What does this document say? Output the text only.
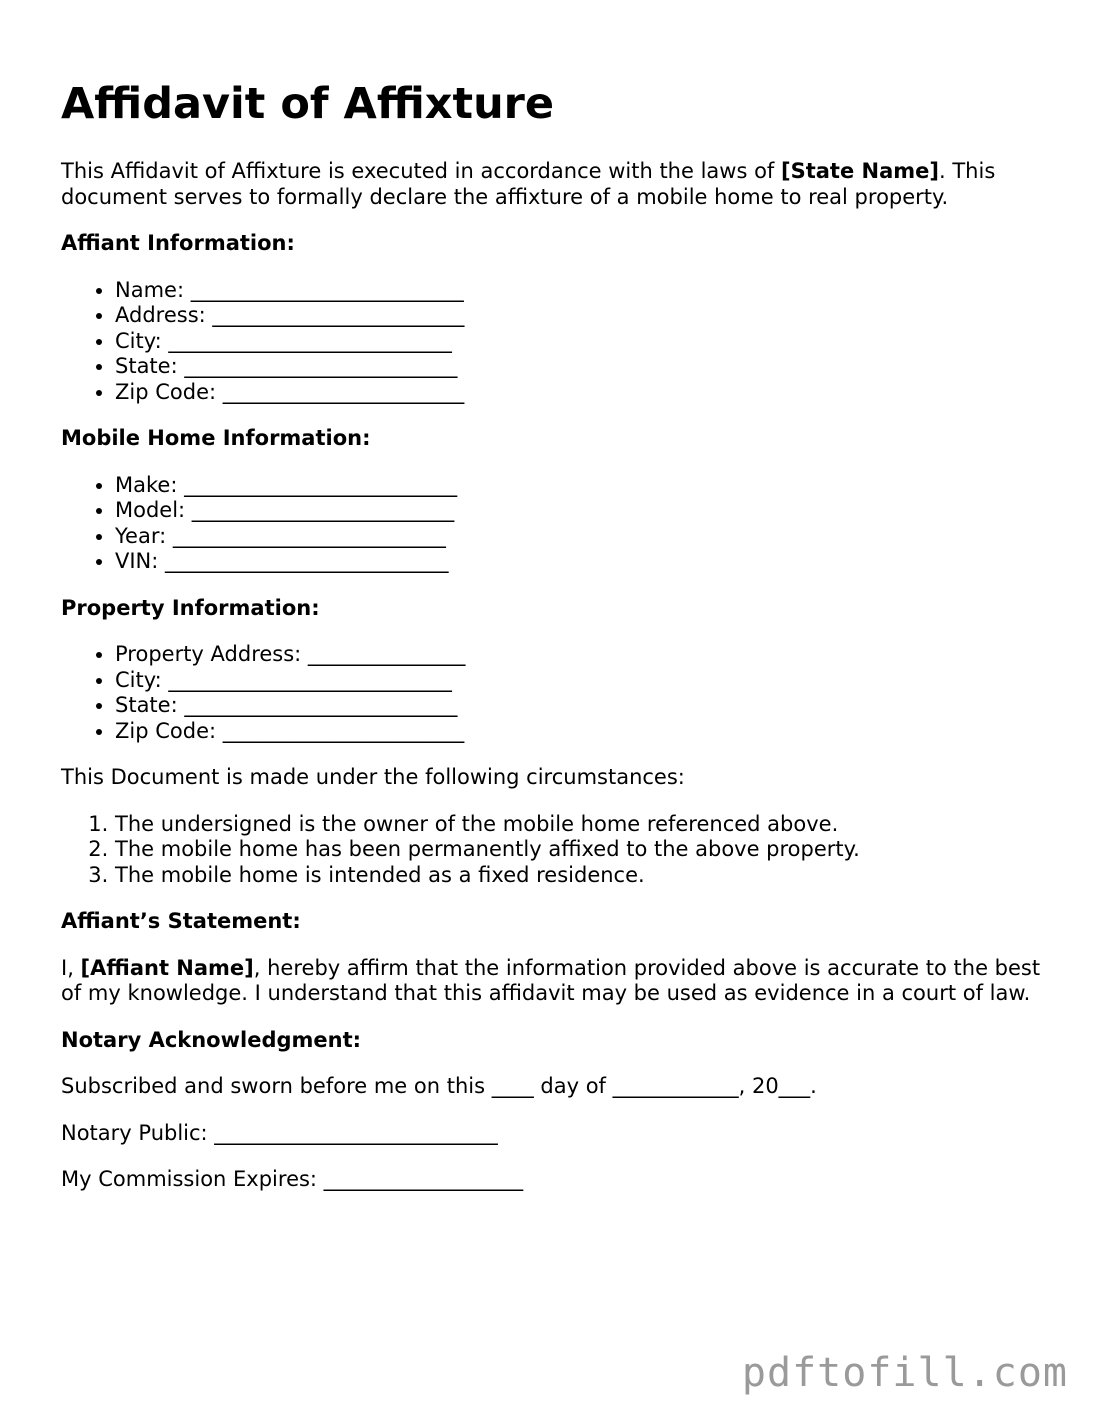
Affidavit of Affixture

This Affidavit of Affixture is executed in accordance with the laws of [State Name]. This document serves to formally declare the affixture of a mobile home to real property.

Affiant Information:

• Name: __________________________
• Address: ________________________
• City: ___________________________
• State: __________________________
• Zip Code: _______________________

Mobile Home Information:

• Make: __________________________
• Model: _________________________
• Year: __________________________
• VIN: ___________________________

Property Information:

• Property Address: _______________
• City: ___________________________
• State: __________________________
• Zip Code: _______________________

This Document is made under the following circumstances:

1. The undersigned is the owner of the mobile home referenced above.
2. The mobile home has been permanently affixed to the above property.
3. The mobile home is intended as a fixed residence.

Affiant’s Statement:

I, [Affiant Name], hereby affirm that the information provided above is accurate to the best of my knowledge. I understand that this affidavit may be used as evidence in a court of law.

Notary Acknowledgment:

Subscribed and sworn before me on this ____ day of ____________, 20___.

Notary Public: ___________________________

My Commission Expires: ___________________

pdftofill.com
